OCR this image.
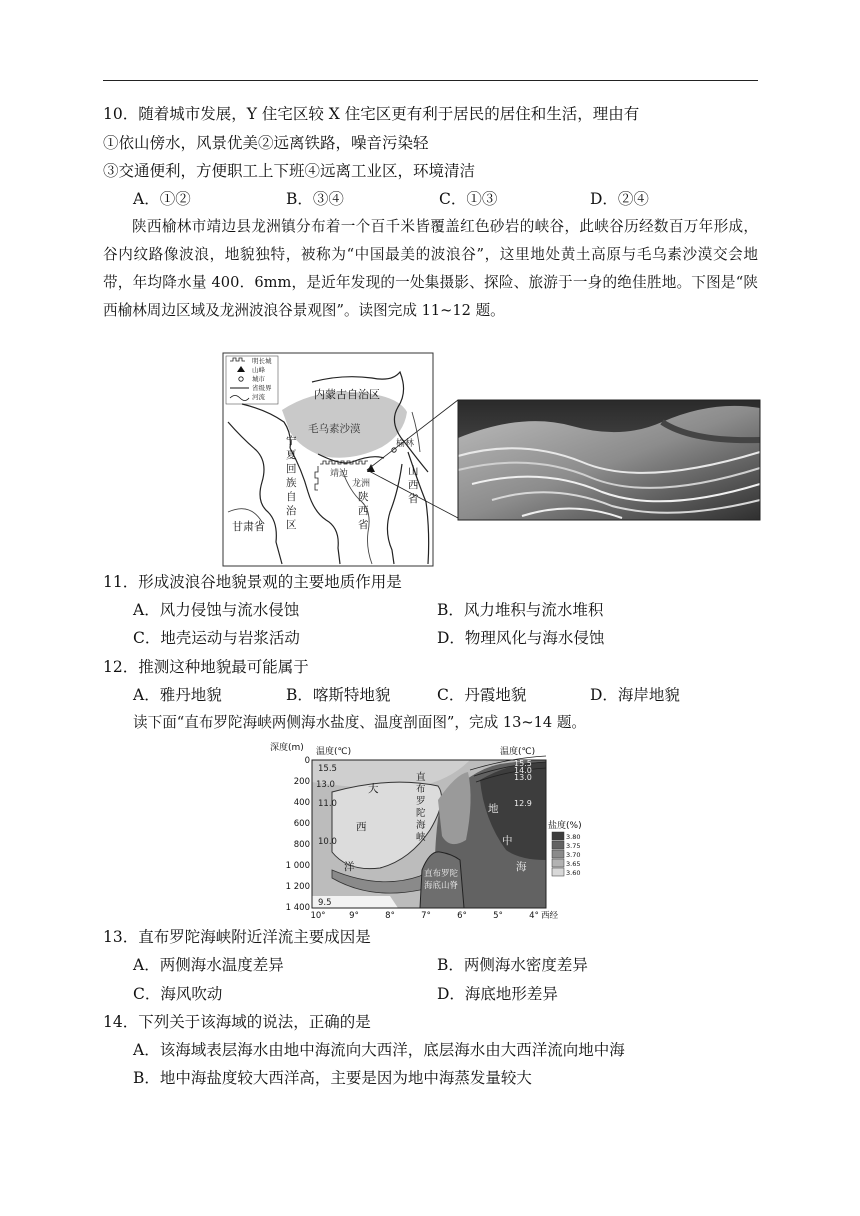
10．随着城市发展，Y 住宅区较 X 住宅区更有利于居民的居住和生活，理由有
①依山傍水，风景优美②远离铁路，噪音污染轻
③交通便利，方便职工上下班④远离工业区，环境清洁
A．①②	B．③④	C．①③	D．②④
陕西榆林市靖边县龙洲镇分布着一个百千米皆覆盖红色砂岩的峡谷，此峡谷历经数百万年形成，谷内纹路像波浪，地貌独特，被称为“中国最美的波浪谷”，这里地处黄土高原与毛乌素沙漠交会地带，年均降水量 400．6mm，是近年发现的一处集摄影、探险、旅游于一身的绝佳胜地。下图是“陕西榆林周边区域及龙洲波浪谷景观图”。读图完成 11~12 题。
明长城
山峰
城市
省级界
河流	内蒙古自治区
毛乌素沙漠
榆林
靖边
龙洲
宁
夏
回
族
自
治
区
陕
西
省
山
西
省
甘肃省
11．形成波浪谷地貌景观的主要地质作用是
A．风力侵蚀与流水侵蚀	B．风力堆积与流水堆积
C．地壳运动与岩浆活动	D．物理风化与海水侵蚀
12．推测这种地貌最可能属于
A．雅丹地貌	B．喀斯特地貌	C．丹霞地貌	D．海岸地貌
读下面“直布罗陀海峡两侧海水盐度、温度剖面图”，完成 13~14 题。
深度(m) 温度(℃)	温度(℃)
0
200
400
600
800
1 000
1 200
1 400
10°	9°	8°	7°	6°	5°	4° 西经
15.5
13.0
11.0
10.0
9.5
15.5
14.0
13.0
12.9
大
西
洋
直
布
罗
陀
海
峡
地
中
海
直布罗陀
海底山脊
盐度(%)
3.80
3.75
3.70
3.65
3.60
13．直布罗陀海峡附近洋流主要成因是
A．两侧海水温度差异	B．两侧海水密度差异
C．海风吹动	D．海底地形差异
14．下列关于该海域的说法，正确的是
A．该海域表层海水由地中海流向大西洋，底层海水由大西洋流向地中海
B．地中海盐度较大西洋高，主要是因为地中海蒸发量较大
